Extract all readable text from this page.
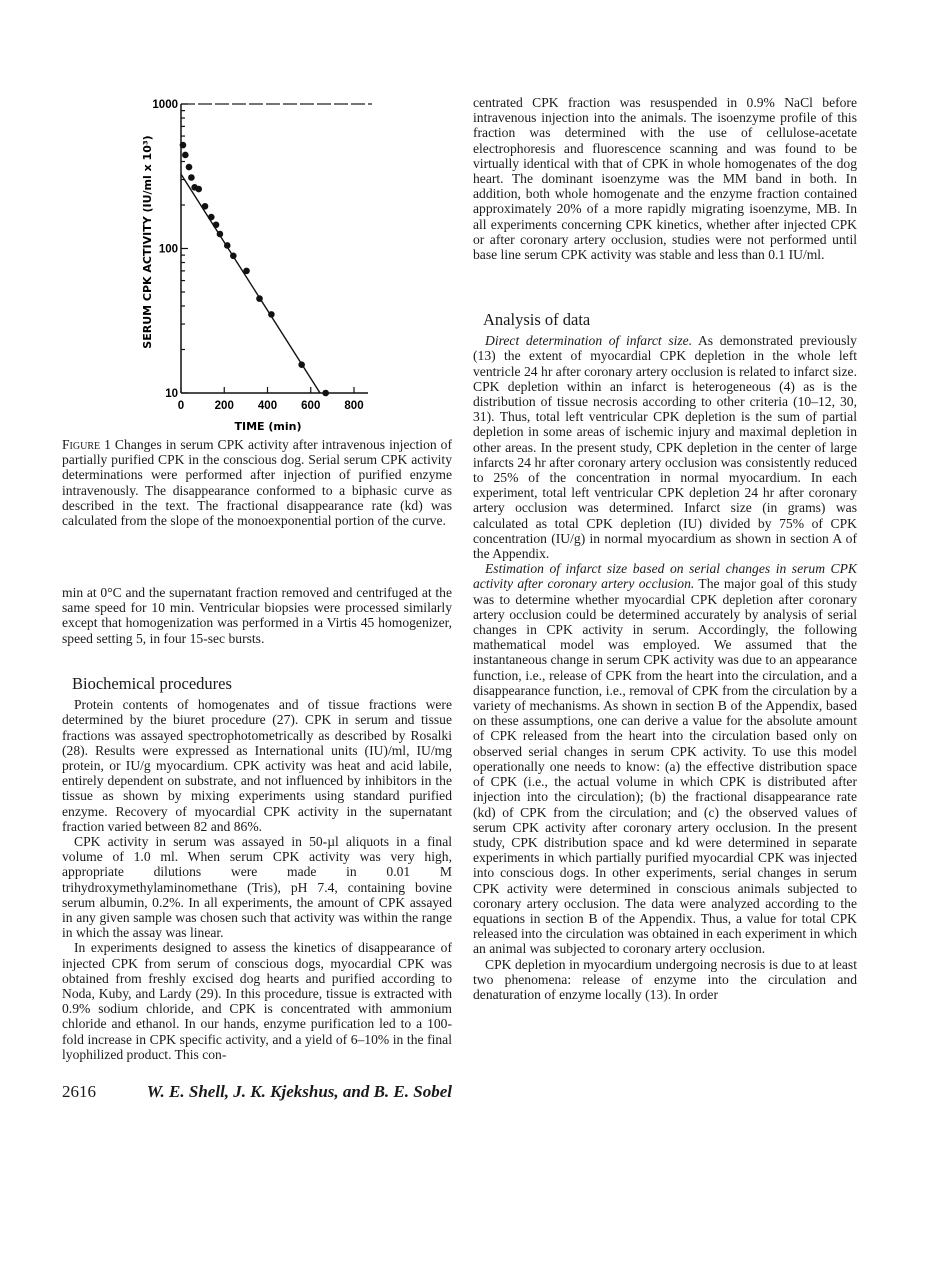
10
100
1000
0	200 400 600 800
SERUM CPK ACTIVITY (IU/ml x 10³)
TIME (min)
Figure 1 Changes in serum CPK activity after intravenous injection of partially purified CPK in the conscious dog. Serial serum CPK activity determinations were performed after injection of purified enzyme intravenously. The disappearance conformed to a biphasic curve as described in the text. The fractional disappearance rate (kd) was calculated from the slope of the monoexponential portion of the curve.

min at 0°C and the supernatant fraction removed and centrifuged at the same speed for 10 min. Ventricular biopsies were processed similarly except that homogenization was performed in a Virtis 45 homogenizer, speed setting 5, in four 15-sec bursts.

Biochemical procedures

Protein contents of homogenates and of tissue fractions were determined by the biuret procedure (27). CPK in serum and tissue fractions was assayed spectrophotometrically as described by Rosalki (28). Results were expressed as International units (IU)/ml, IU/mg protein, or IU/g myocardium. CPK activity was heat and acid labile, entirely dependent on substrate, and not influenced by inhibitors in the tissue as shown by mixing experiments using standard purified enzyme. Recovery of myocardial CPK activity in the supernatant fraction varied between 82 and 86%.

CPK activity in serum was assayed in 50-µl aliquots in a final volume of 1.0 ml. When serum CPK activity was very high, appropriate dilutions were made in 0.01 M trihydroxymethylaminomethane (Tris), pH 7.4, containing bovine serum albumin, 0.2%. In all experiments, the amount of CPK assayed in any given sample was chosen such that activity was within the range in which the assay was linear.

In experiments designed to assess the kinetics of disappearance of injected CPK from serum of conscious dogs, myocardial CPK was obtained from freshly excised dog hearts and purified according to Noda, Kuby, and Lardy (29). In this procedure, tissue is extracted with 0.9% sodium chloride, and CPK is concentrated with ammonium chloride and ethanol. In our hands, enzyme purification led to a 100-fold increase in CPK specific activity, and a yield of 6–10% in the final lyophilized product. This con-

centrated CPK fraction was resuspended in 0.9% NaCl before intravenous injection into the animals. The isoenzyme profile of this fraction was determined with the use of cellulose-acetate electrophoresis and fluorescence scanning and was found to be virtually identical with that of CPK in whole homogenates of the dog heart. The dominant isoenzyme was the MM band in both. In addition, both whole homogenate and the enzyme fraction contained approximately 20% of a more rapidly migrating isoenzyme, MB. In all experiments concerning CPK kinetics, whether after injected CPK or after coronary artery occlusion, studies were not performed until base line serum CPK activity was stable and less than 0.1 IU/ml.

Analysis of data

Direct determination of infarct size. As demonstrated previously (13) the extent of myocardial CPK depletion in the whole left ventricle 24 hr after coronary artery occlusion is related to infarct size. CPK depletion within an infarct is heterogeneous (4) as is the distribution of tissue necrosis according to other criteria (10–12, 30, 31). Thus, total left ventricular CPK depletion is the sum of partial depletion in some areas of ischemic injury and maximal depletion in other areas. In the present study, CPK depletion in the center of large infarcts 24 hr after coronary artery occlusion was consistently reduced to 25% of the concentration in normal myocardium. In each experiment, total left ventricular CPK depletion 24 hr after coronary artery occlusion was determined. Infarct size (in grams) was calculated as total CPK depletion (IU) divided by 75% of CPK concentration (IU/g) in normal myocardium as shown in section A of the Appendix.

Estimation of infarct size based on serial changes in serum CPK activity after coronary artery occlusion. The major goal of this study was to determine whether myocardial CPK depletion after coronary artery occlusion could be determined accurately by analysis of serial changes in CPK activity in serum. Accordingly, the following mathematical model was employed. We assumed that the instantaneous change in serum CPK activity was due to an appearance function, i.e., release of CPK from the heart into the circulation, and a disappearance function, i.e., removal of CPK from the circulation by a variety of mechanisms. As shown in section B of the Appendix, based on these assumptions, one can derive a value for the absolute amount of CPK released from the heart into the circulation based only on observed serial changes in serum CPK activity. To use this model operationally one needs to know: (a) the effective distribution space of CPK (i.e., the actual volume in which CPK is distributed after injection into the circulation); (b) the fractional disappearance rate (kd) of CPK from the circulation; and (c) the observed values of serum CPK activity after coronary artery occlusion. In the present study, CPK distribution space and kd were determined in separate experiments in which partially purified myocardial CPK was injected into conscious dogs. In other experiments, serial changes in serum CPK activity were determined in conscious animals subjected to coronary artery occlusion. The data were analyzed according to the equations in section B of the Appendix. Thus, a value for total CPK released into the circulation was obtained in each experiment in which an animal was subjected to coronary artery occlusion.

CPK depletion in myocardium undergoing necrosis is due to at least two phenomena: release of enzyme into the circulation and denaturation of enzyme locally (13). In order

2616	W. E. Shell, J. K. Kjekshus, and B. E. Sobel
